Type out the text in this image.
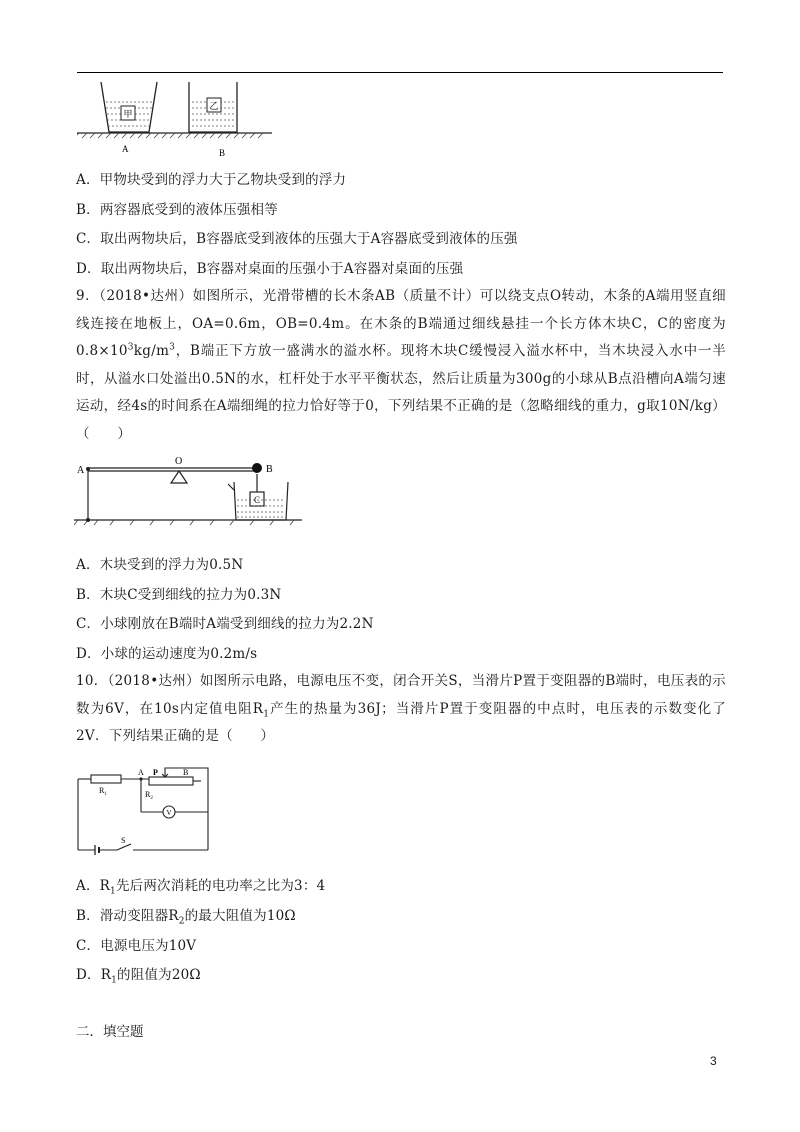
甲
乙
A	B
A．甲物块受到的浮力大于乙物块受到的浮力
B．两容器底受到的液体压强相等
C．取出两物块后，B容器底受到液体的压强大于A容器底受到液体的压强
D．取出两物块后，B容器对桌面的压强小于A容器对桌面的压强
9．（2018•达州）如图所示，光滑带槽的长木条AB（质量不计）可以绕支点O转动，木条的A端用竖直细线连接在地板上，OA=0.6m，OB=0.4m。在木条的B端通过细线悬挂一个长方体木块C，C的密度为$0.8\times 10^3kg/m^3$，B端正下方放一盛满水的溢水杯。现将木块C缓慢浸入溢水杯中，当木块浸入水中一半时，从溢水口处溢出0.5N的水，杠杆处于水平平衡状态，然后让质量为300g的小球从B点沿槽向A端匀速运动，经4s的时间系在A端细绳的拉力恰好等于0，下列结果不正确的是（忽略细线的重力，g取10N/kg）（　　）
A
O
B
C
A．木块受到的浮力为0.5N
B．木块C受到细线的拉力为0.3N
C．小球刚放在B端时A端受到细线的拉力为2.2N
D．小球的运动速度为0.2m/s
10．（2018•达州）如图所示电路，电源电压不变，闭合开关S，当滑片P置于变阻器的B端时，电压表的示数为6V，在10s内定值电阻$R_1$产生的热量为36J；当滑片P置于变阻器的中点时，电压表的示数变化了2V．下列结果正确的是（　　）
$R_1$
A P	B
$R_2$
V
S
A．$R_1$先后两次消耗的电功率之比为3：4
B．滑动变阻器$R_2$的最大阻值为10Ω
C．电源电压为10V
D．$R_1$的阻值为20Ω
二．填空题
3
